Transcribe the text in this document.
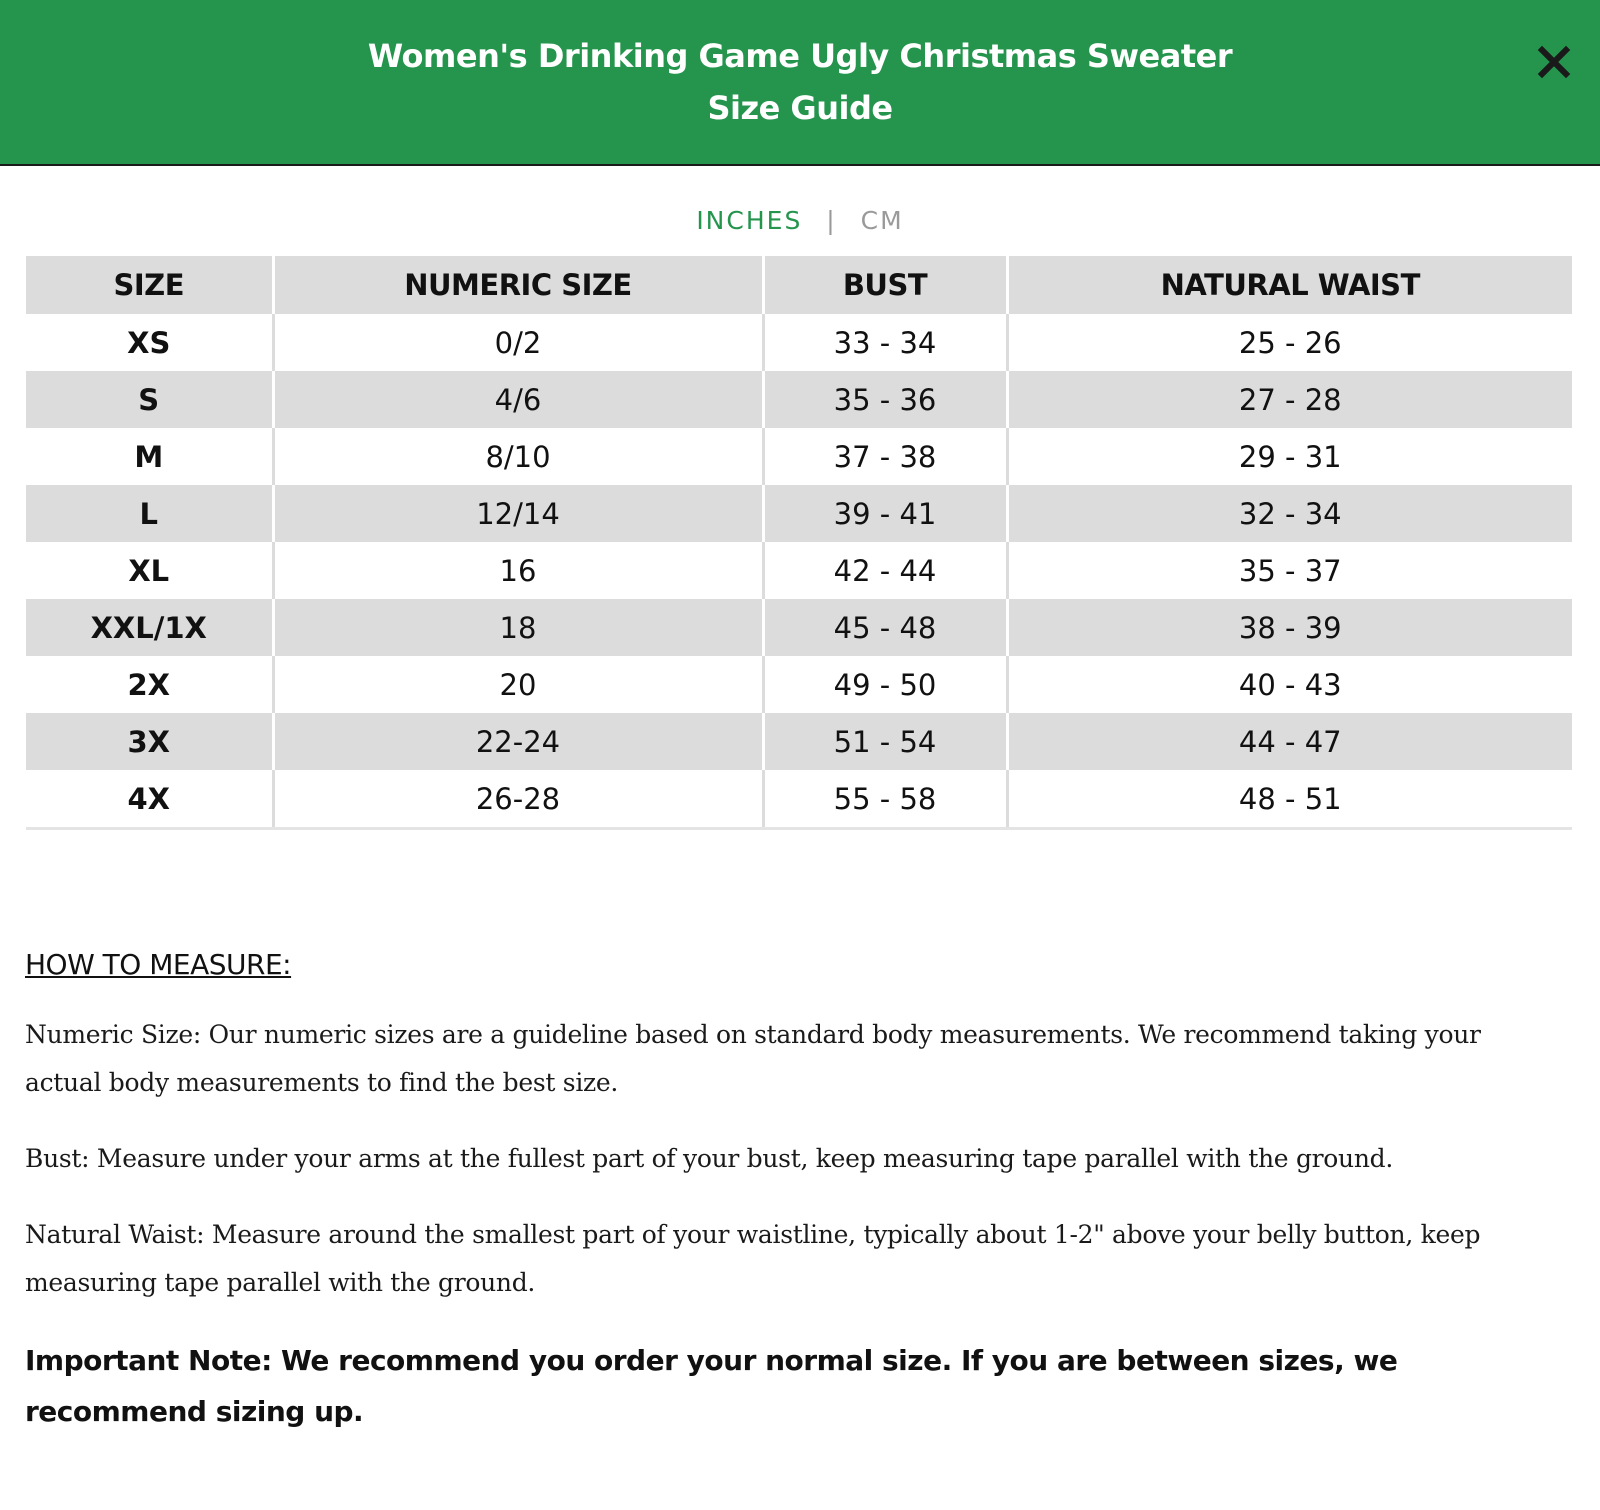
Women's Drinking Game Ugly Christmas Sweater
Size Guide
INCHES | CM
SIZE	NUMERIC SIZE	BUST	NATURAL WAIST
XS	0/2	33 - 34	25 - 26
S	4/6	35 - 36	27 - 28
M	8/10	37 - 38	29 - 31
L	12/14	39 - 41	32 - 34
XL	16	42 - 44	35 - 37
XXL/1X	18	45 - 48	38 - 39
2X	20	49 - 50	40 - 43
3X	22-24	51 - 54	44 - 47
4X	26-28	55 - 58	48 - 51
HOW TO MEASURE:

Numeric Size: Our numeric sizes are a guideline based on standard body measurements. We recommend taking your actual body measurements to find the best size.

Bust: Measure under your arms at the fullest part of your bust, keep measuring tape parallel with the ground.

Natural Waist: Measure around the smallest part of your waistline, typically about 1-2" above your belly button, keep measuring tape parallel with the ground.

Important Note: We recommend you order your normal size. If you are between sizes, we recommend sizing up.
